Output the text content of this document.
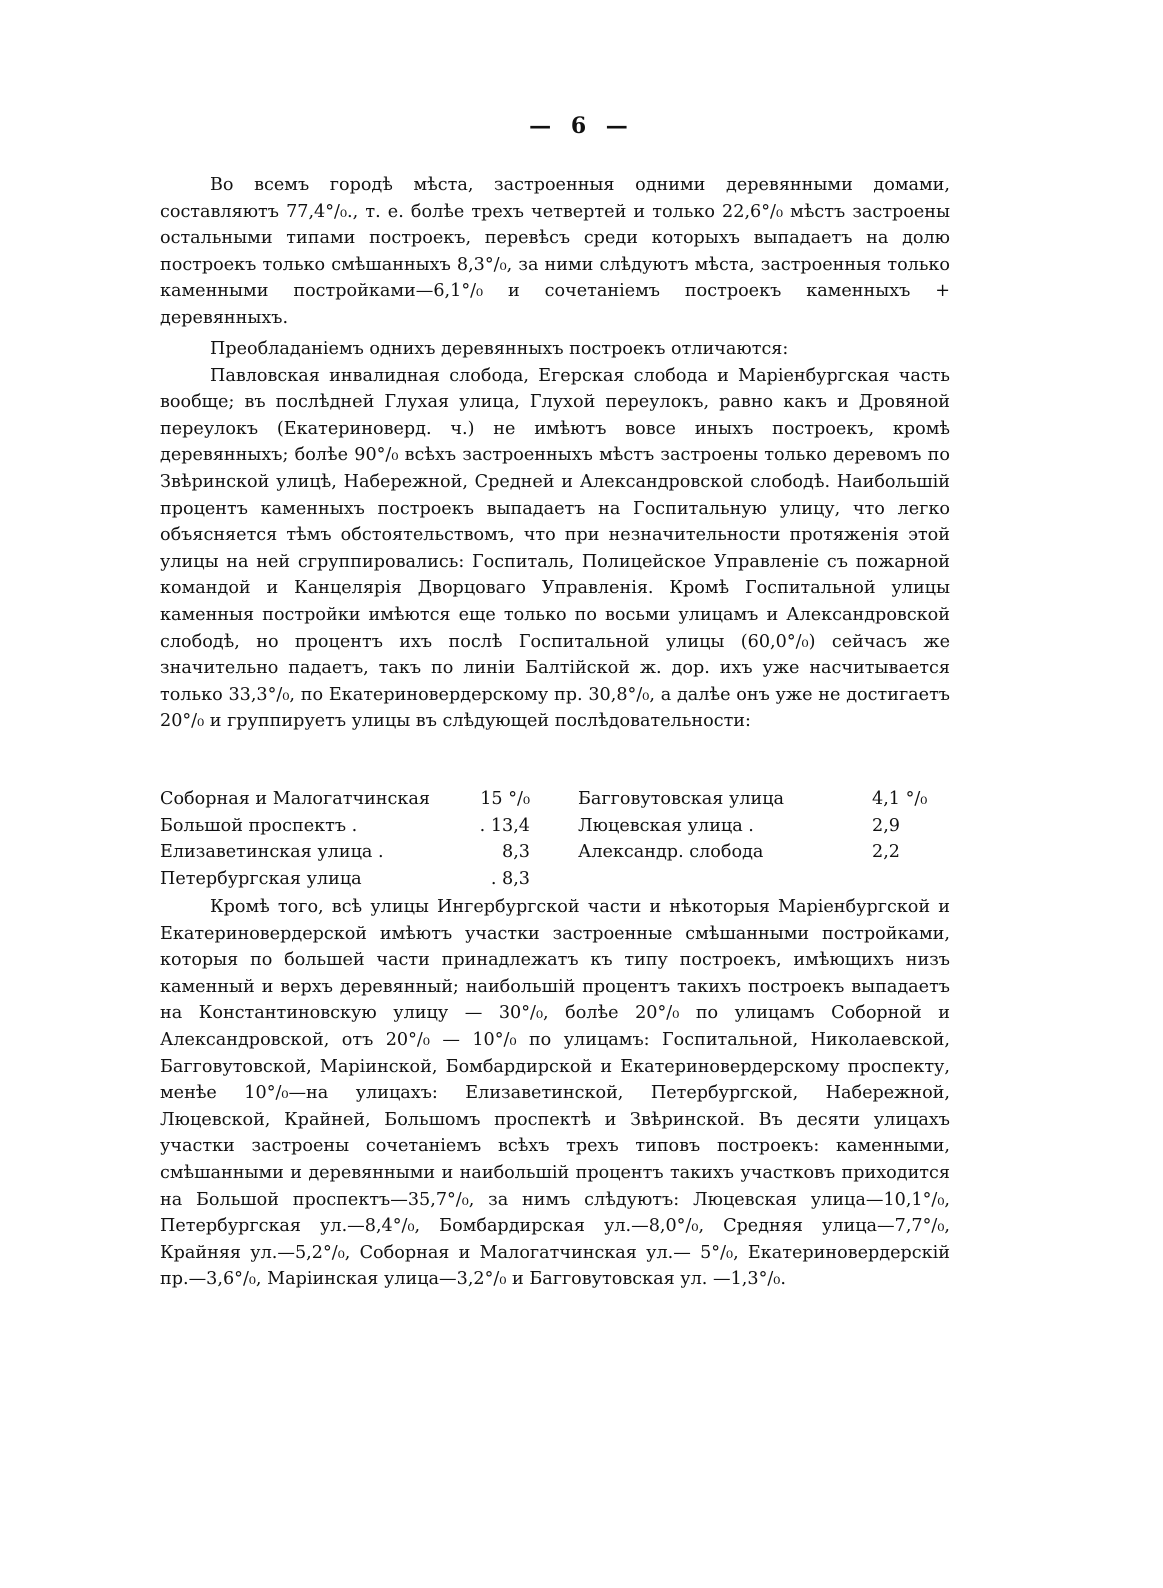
— 6 —

Во всемъ городѣ мѣста, застроенныя одними деревянными домами, составляютъ 77,4°/₀., т. е. болѣе трехъ четвертей и только 22,6°/₀ мѣстъ застроены остальными типами построекъ, перевѣсъ среди которыхъ выпадаетъ на долю построекъ только смѣшанныхъ 8,3°/₀, за ними слѣдуютъ мѣста, застроенныя только каменными постройками—6,1°/₀ и сочетаніемъ построекъ каменныхъ + деревянныхъ.

Преобладаніемъ однихъ деревянныхъ построекъ отличаются:

Павловская инвалидная слобода, Егерская слобода и Маріенбургская часть вообще; въ послѣдней Глухая улица, Глухой переулокъ, равно какъ и Дровяной переулокъ (Екатериноверд. ч.) не имѣютъ вовсе иныхъ построекъ, кромѣ деревянныхъ; болѣе 90°/₀ всѣхъ застроенныхъ мѣстъ застроены только деревомъ по Звѣринской улицѣ, Набережной, Средней и Александровской слободѣ. Наибольшій процентъ каменныхъ построекъ выпадаетъ на Госпитальную улицу, что легко объясняется тѣмъ обстоятельствомъ, что при незначительности протяженія этой улицы на ней сгруппировались: Госпиталь, Полицейское Управленіе съ пожарной командой и Канцелярія Дворцоваго Управленія. Кромѣ Госпитальной улицы каменныя постройки имѣются еще только по восьми улицамъ и Александровской слободѣ, но процентъ ихъ послѣ Госпитальной улицы (60,0°/₀) сейчасъ же значительно падаетъ, такъ по линіи Балтійской ж. дор. ихъ уже насчитывается только 33,3°/₀, по Екатериновердерскому пр. 30,8°/₀, а далѣе онъ уже не достигаетъ 20°/₀ и группируетъ улицы въ слѣдующей послѣдовательности:

Соборная и Малогатчинская	15 °/₀	Багговутовская улица	4,1 °/₀
Большой проспектъ .	. 13,4	Люцевская улица .	2,9
Елизаветинская улица .	8,3	Александр. слобода	2,2
Петербургская улица	. 8,3

Кромѣ того, всѣ улицы Ингербургской части и нѣкоторыя Маріенбургской и Екатериновердерской имѣютъ участки застроенные смѣшанными постройками, которыя по большей части принадлежатъ къ типу построекъ, имѣющихъ низъ каменный и верхъ деревянный; наибольшій процентъ такихъ построекъ выпадаетъ на Константиновскую улицу — 30°/₀, болѣе 20°/₀ по улицамъ Соборной и Александровской, отъ 20°/₀ — 10°/₀ по улицамъ: Госпитальной, Николаевской, Багговутовской, Маріинской, Бомбардирской и Екатериновердерскому проспекту, менѣе 10°/₀—на улицахъ: Елизаветинской, Петербургской, Набережной, Люцевской, Крайней, Большомъ проспектѣ и Звѣринской. Въ десяти улицахъ участки застроены сочетаніемъ всѣхъ трехъ типовъ построекъ: каменными, смѣшанными и деревянными и наибольшій процентъ такихъ участковъ приходится на Большой проспектъ—35,7°/₀, за нимъ слѣдуютъ: Люцевская улица—10,1°/₀, Петербургская ул.—8,4°/₀, Бомбардирская ул.—8,0°/₀, Средняя улица—7,7°/₀, Крайняя ул.—5,2°/₀, Соборная и Малогатчинская ул.— 5°/₀, Екатериновердерскій пр.—3,6°/₀, Маріинская улица—3,2°/₀ и Багговутовская ул. —1,3°/₀.
